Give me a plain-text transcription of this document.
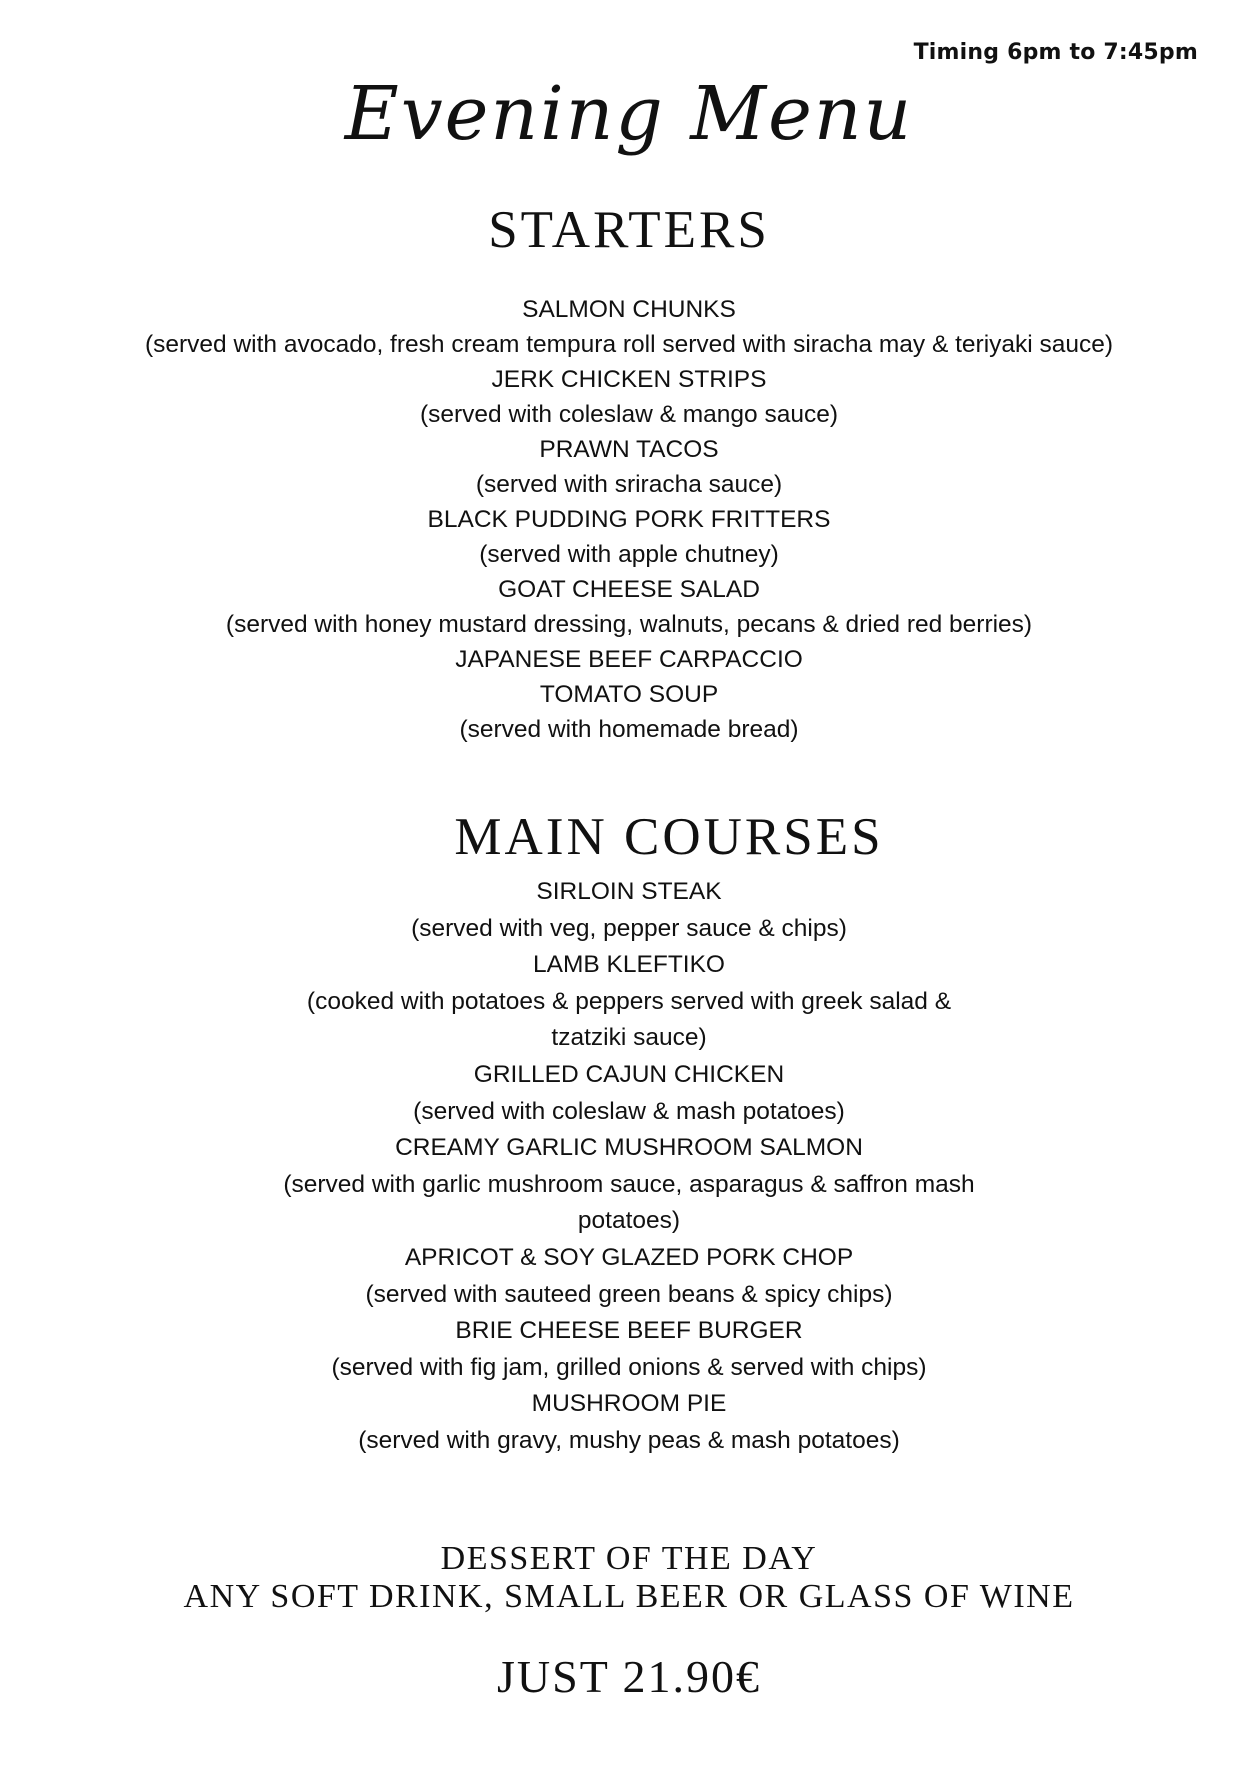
Timing 6pm to 7:45pm
Evening Menu
STARTERS
SALMON CHUNKS
(served with avocado, fresh cream tempura roll served with siracha may & teriyaki sauce)
JERK CHICKEN STRIPS
(served with coleslaw & mango sauce)
PRAWN TACOS
(served with sriracha sauce)
BLACK PUDDING PORK FRITTERS
(served with apple chutney)
GOAT CHEESE SALAD
(served with honey mustard dressing, walnuts, pecans & dried red berries)
JAPANESE BEEF CARPACCIO
TOMATO SOUP
(served with homemade bread)
MAIN COURSES
SIRLOIN STEAK
(served with veg, pepper sauce & chips)
LAMB KLEFTIKO
(cooked with potatoes & peppers served with greek salad & tzatziki sauce)
GRILLED CAJUN CHICKEN
(served with coleslaw & mash potatoes)
CREAMY GARLIC MUSHROOM SALMON
(served with garlic mushroom sauce, asparagus & saffron mash potatoes)
APRICOT & SOY GLAZED PORK CHOP
(served with sauteed green beans & spicy chips)
BRIE CHEESE BEEF BURGER
(served with fig jam, grilled onions & served with chips)
MUSHROOM PIE
(served with gravy, mushy peas & mash potatoes)
DESSERT OF THE DAY
ANY SOFT DRINK, SMALL BEER OR GLASS OF WINE
JUST 21.90€
